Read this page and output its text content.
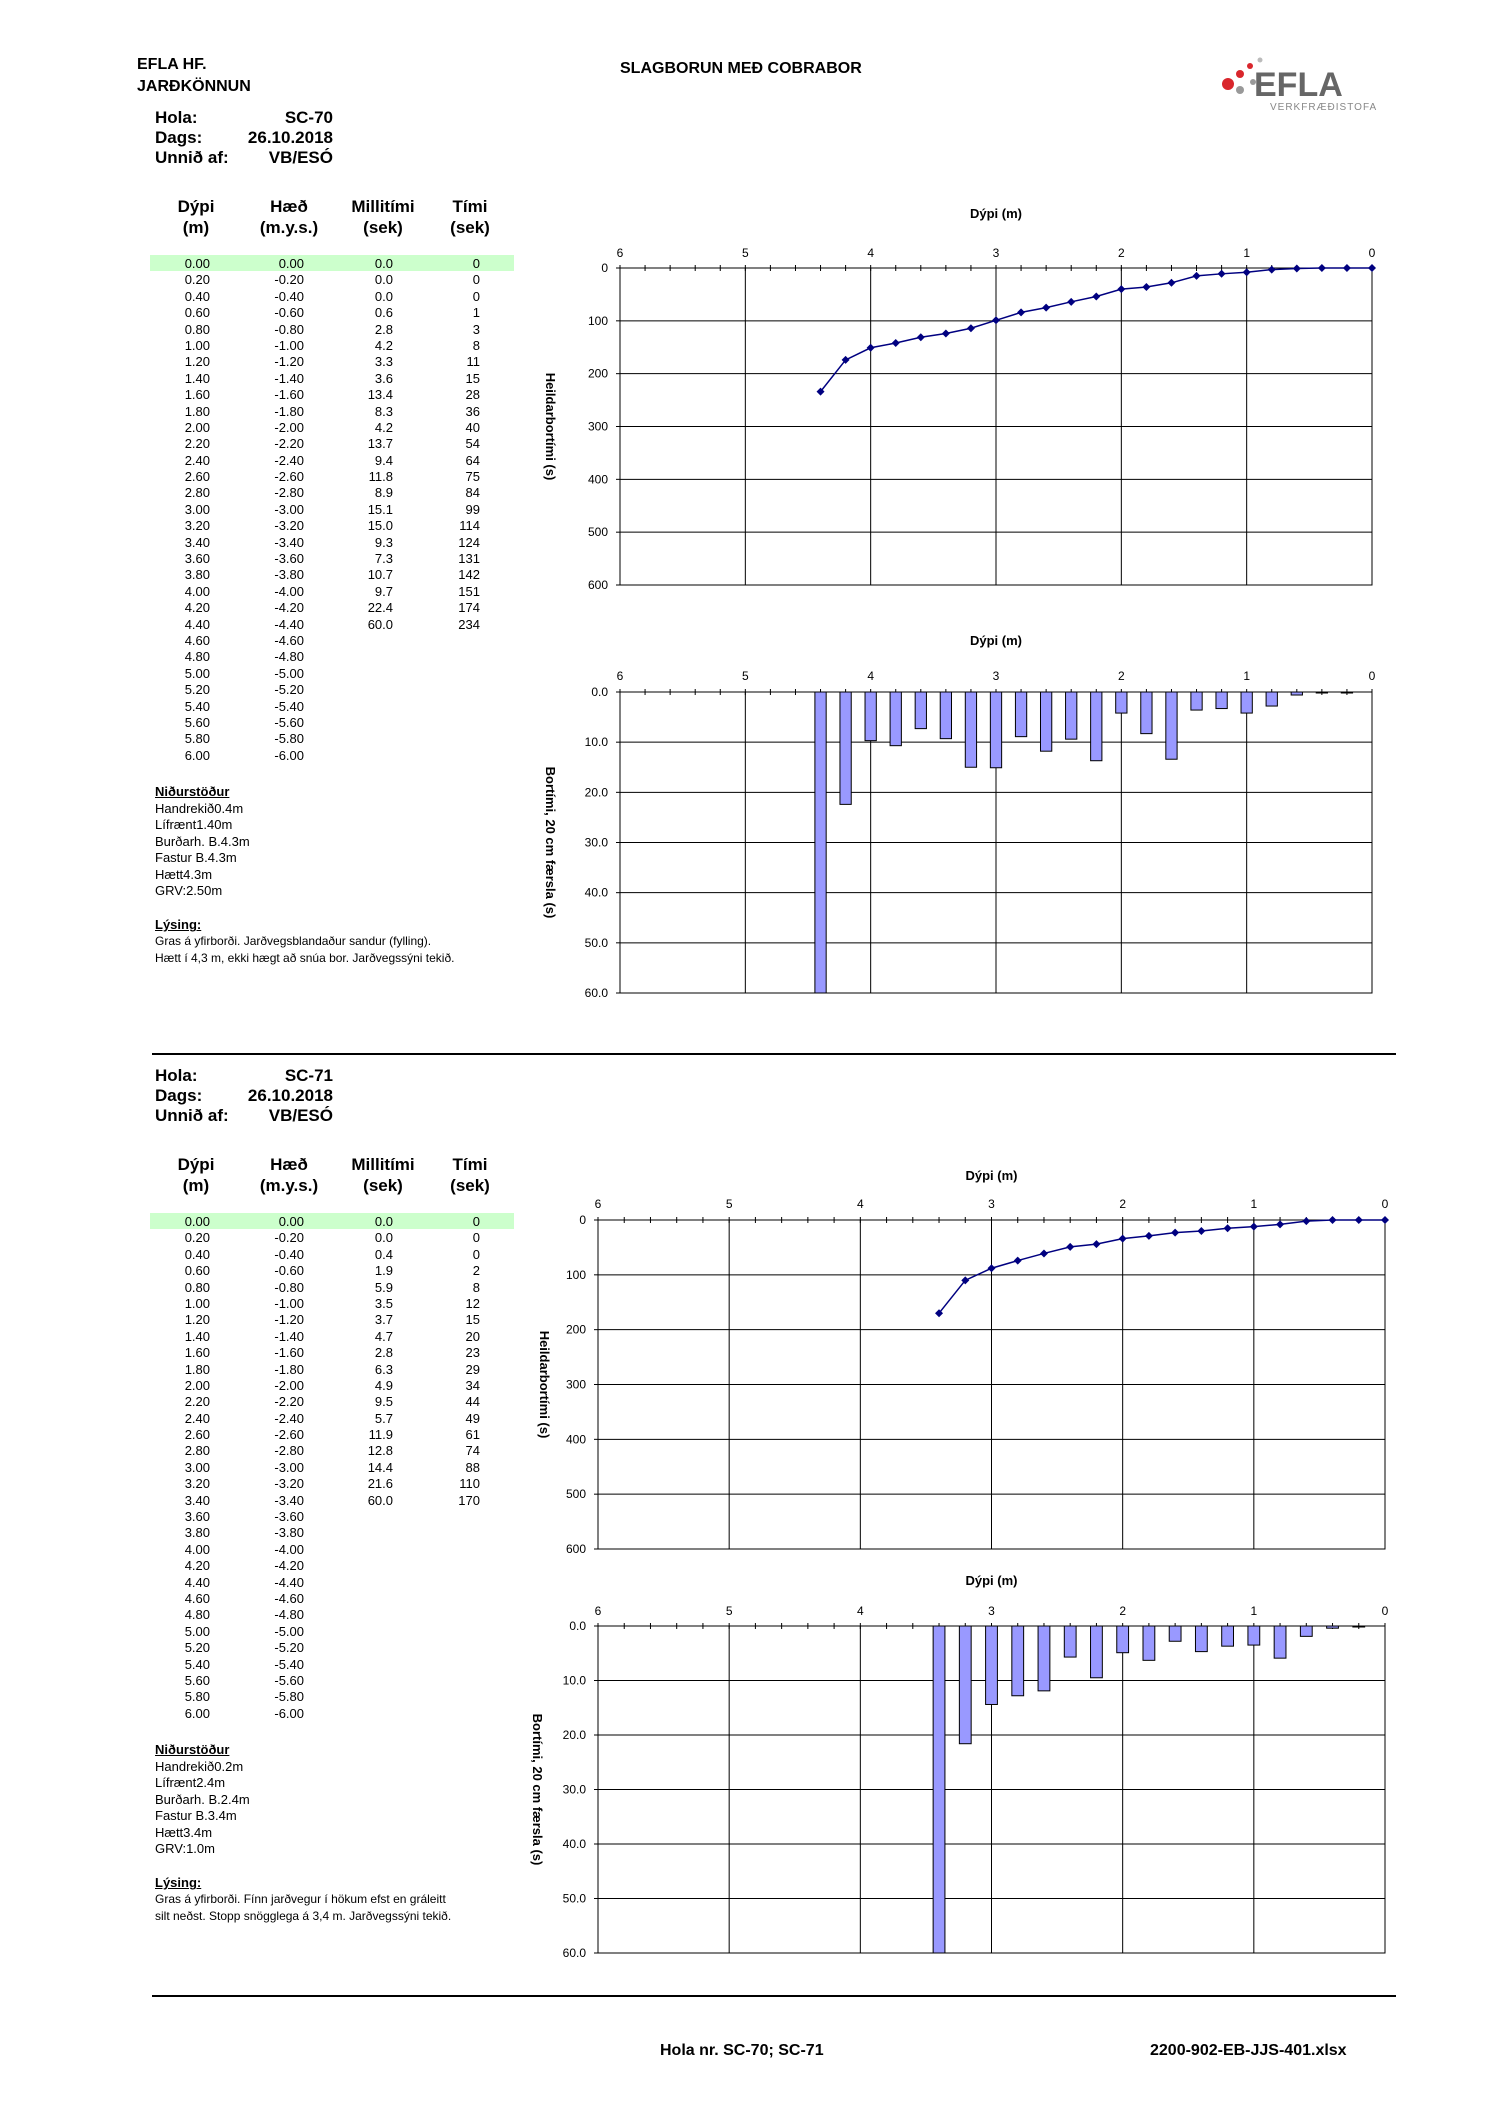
EFLA HF.
JARÐKÖNNUN
SLAGBORUN MEÐ COBRABOR	EFLA
VERKFRÆÐISTOFA
Hola:	SC-70
Dags:	26.10.2018
Unnið af: VB/ESÓ
Dýpi
(m)
Hæð
(m.y.s.)
Millitími
(sek)
Tími
(sek)
0.00	0.00	0.0	0
0.20	-0.20	0.0	0
0.40	-0.40	0.0	0
0.60	-0.60	0.6	1
0.80	-0.80	2.8	3
1.00	-1.00	4.2	8
1.20	-1.20	3.3	11
1.40	-1.40	3.6	15
1.60	-1.60	13.4	28
1.80	-1.80	8.3	36
2.00	-2.00	4.2	40
2.20	-2.20	13.7	54
2.40	-2.40	9.4	64
2.60	-2.60	11.8	75
2.80	-2.80	8.9	84
3.00	-3.00	15.1	99
3.20	-3.20	15.0	114
3.40	-3.40	9.3	124
3.60	-3.60	7.3	131
3.80	-3.80	10.7	142
4.00	-4.00	9.7	151
4.20	-4.20	22.4	174
4.40	-4.40	60.0	234
4.60	-4.60
4.80	-4.80
5.00	-5.00
5.20	-5.20
5.40	-5.40
5.60	-5.60
5.80	-5.80
6.00	-6.00
Niðurstöður
Handrekið0.4m
Lífrænt1.40m
Burðarh. B.4.3m
Fastur B.4.3m
Hætt4.3m
GRV:2.50m
Lýsing:
Gras á yfirborði. Jarðvegsblandaður sandur (fylling).
Hætt í 4,3 m, ekki hægt að snúa bor. Jarðvegssýni tekið.
Hola:	SC-71
Dags:	26.10.2018
Unnið af: VB/ESÓ
Dýpi
(m)
Hæð
(m.y.s.)
Millitími
(sek)
Tími
(sek)
0.00	0.00	0.0	0
0.20	-0.20	0.0	0
0.40	-0.40	0.4	0
0.60	-0.60	1.9	2
0.80	-0.80	5.9	8
1.00	-1.00	3.5	12
1.20	-1.20	3.7	15
1.40	-1.40	4.7	20
1.60	-1.60	2.8	23
1.80	-1.80	6.3	29
2.00	-2.00	4.9	34
2.20	-2.20	9.5	44
2.40	-2.40	5.7	49
2.60	-2.60	11.9	61
2.80	-2.80	12.8	74
3.00	-3.00	14.4	88
3.20	-3.20	21.6	110
3.40	-3.40	60.0	170
3.60	-3.60
3.80	-3.80
4.00	-4.00
4.20	-4.20
4.40	-4.40
4.60	-4.60
4.80	-4.80
5.00	-5.00
5.20	-5.20
5.40	-5.40
5.60	-5.60
5.80	-5.80
6.00	-6.00
Niðurstöður
Handrekið0.2m
Lífrænt2.4m
Burðarh. B.2.4m
Fastur B.3.4m
Hætt3.4m
GRV:1.0m
Lýsing:
Gras á yfirborði. Fínn jarðvegur í hökum efst en gráleitt
silt neðst. Stopp snögglega á 3,4 m. Jarðvegssýni tekið.
Hola nr. SC-70; SC-71	2200-902-EB-JJS-401.xlsx
0
100
200
300
400
500
600
6	5	4	3	2	1	0
Dýpi (m)
Heildarbortími (s)
0.0
10.0
20.0
30.0
40.0
50.0
60.0
6	5	4	3	2	1	0
Dýpi (m)
Bortími, 20 cm færsla (s)
0
100
200
300
400
500
600
6	5	4	3	2	1	0
Dýpi (m)
Heildarbortími (s)
0.0
10.0
20.0
30.0
40.0
50.0
60.0
6	5	4	3	2	1	0
Dýpi (m)
Bortími, 20 cm færsla (s)
